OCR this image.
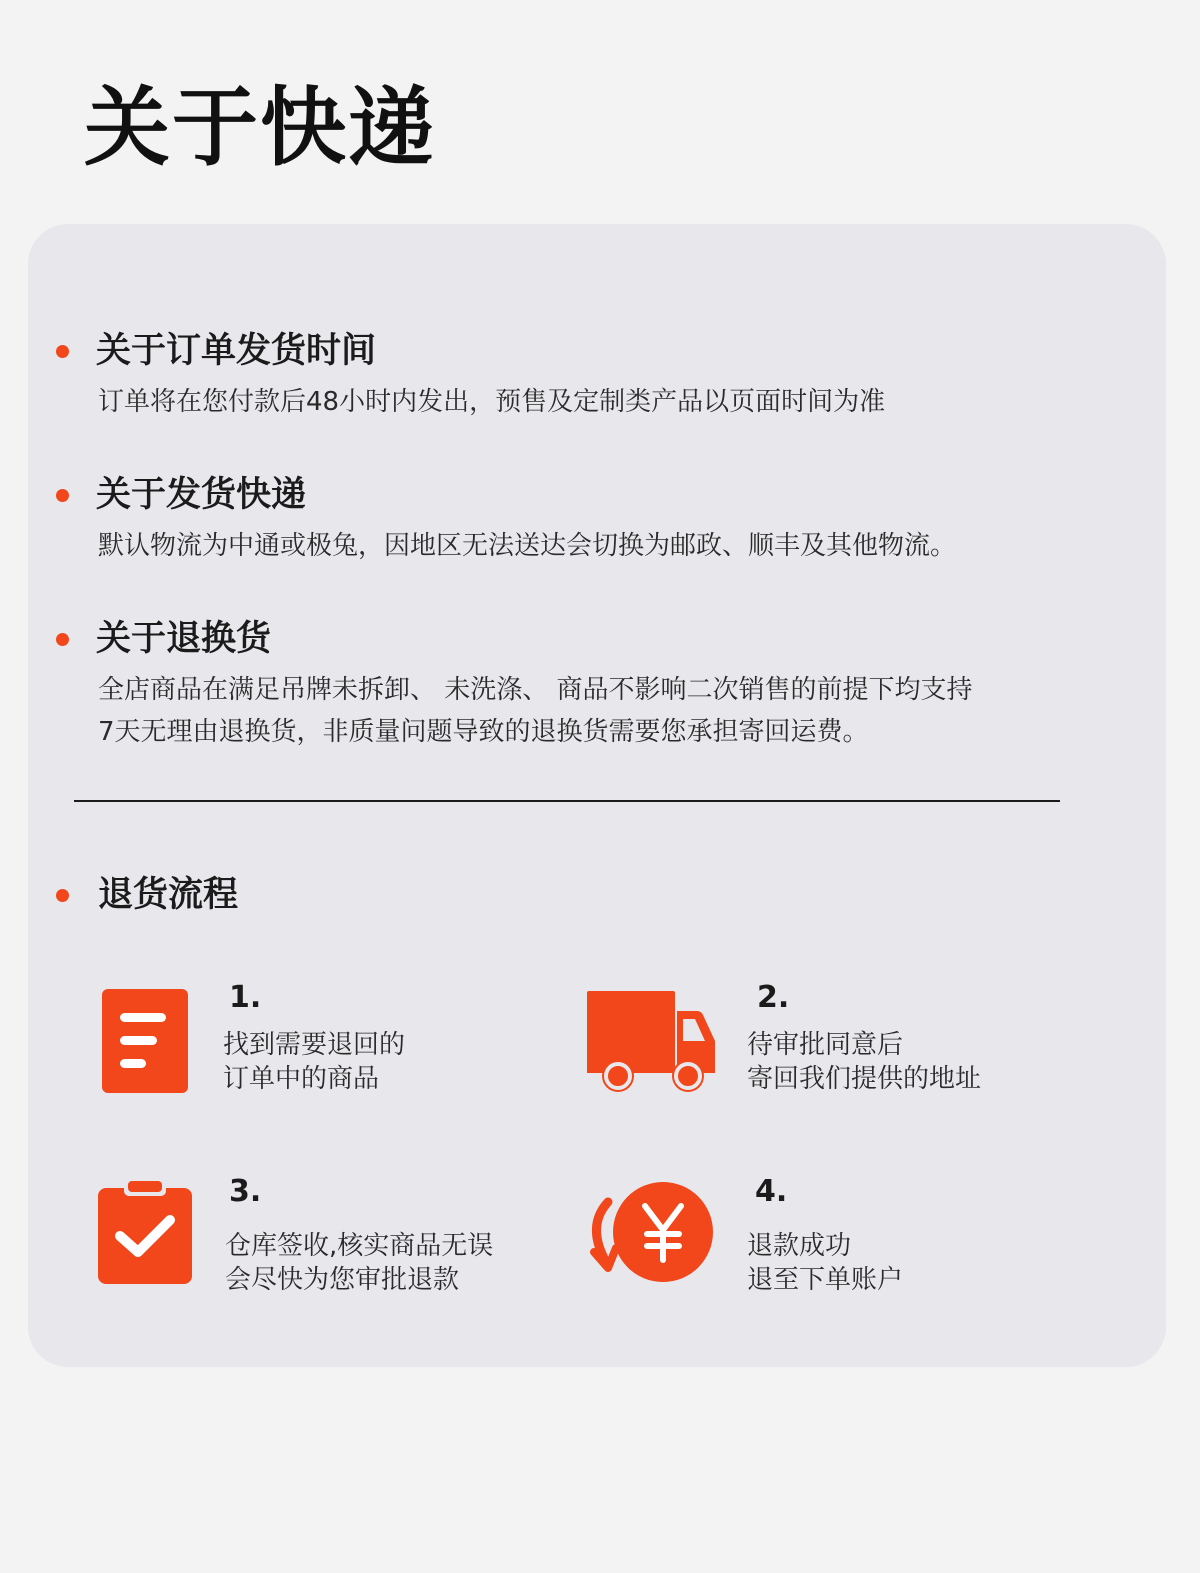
关于快递
关于订单发货时间
订单将在您付款后48小时内发出，预售及定制类产品以页面时间为准
关于发货快递
默认物流为中通或极兔，因地区无法送达会切换为邮政、顺丰及其他物流。
关于退换货
全店商品在满足吊牌未拆卸、 未洗涤、 商品不影响二次销售的前提下均支持
7天无理由退换货，非质量问题导致的退换货需要您承担寄回运费。
退货流程
1.
找到需要退回的
订单中的商品
2.
待审批同意后
寄回我们提供的地址
3.
仓库签收,核实商品无误
会尽快为您审批退款
4.
退款成功
退至下单账户
